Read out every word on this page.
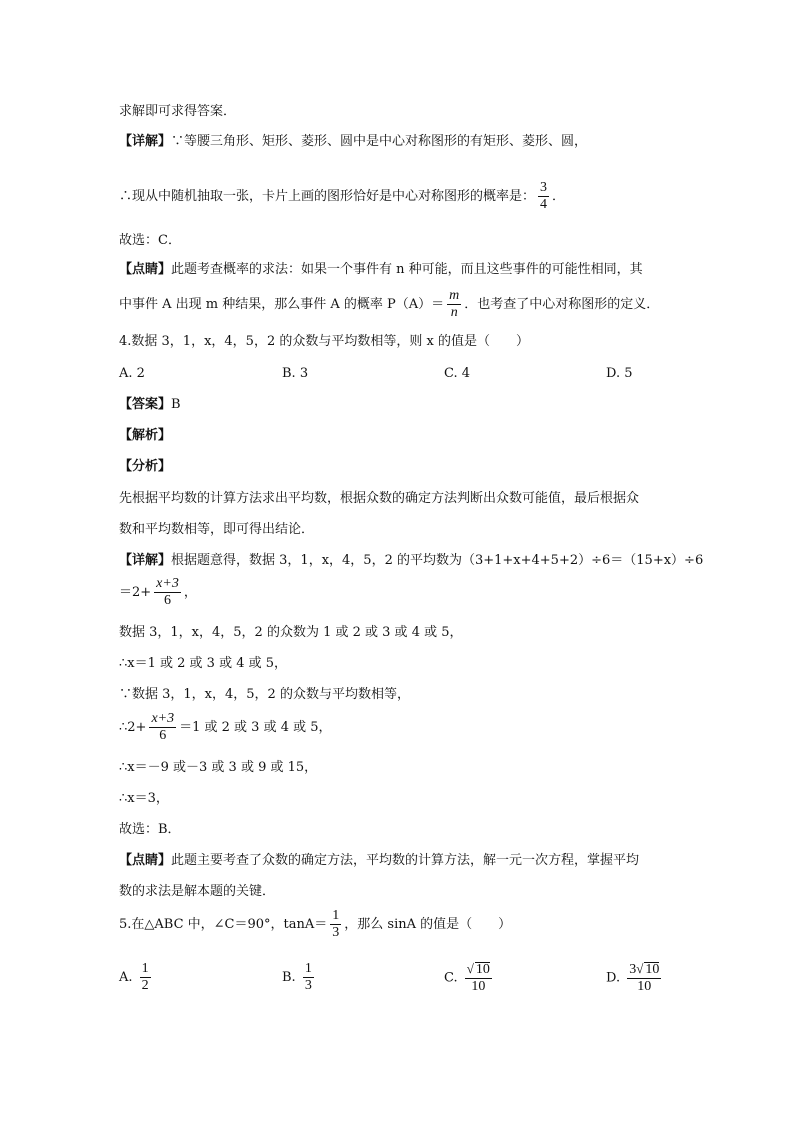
求解即可求得答案．
【详解】∵等腰三角形、矩形、菱形、圆中是中心对称图形的有矩形、菱形、圆，
∴现从中随机抽取一张，卡片上画的图形恰好是中心对称图形的概率是： $\frac{3}{4}$ ．
故选：C．
【点睛】此题考查概率的求法：如果一个事件有 n 种可能，而且这些事件的可能性相同，其
中事件 A 出现 m 种结果，那么事件 A 的概率 $P(A)= \frac{m}{n}$ ．也考查了中心对称图形的定义．
4.数据 3，1，x，4，5，2 的众数与平均数相等，则 x 的值是（　　）
A. 2	B. 3	C. 4	D. 5
【答案】B
【解析】
【分析】
先根据平均数的计算方法求出平均数，根据众数的确定方法判断出众数可能值，最后根据众
数和平均数相等，即可得出结论．
【详解】根据题意得，数据 3，1，x，4，5，2 的平均数为（3+1+x+4+5+2）÷6＝（15+x）÷6
$=2+ \frac{x+3}{6}$ ，
数据 3，1，x，4，5，2 的众数为 1 或 2 或 3 或 4 或 5，
∴x＝1 或 2 或 3 或 4 或 5，
∵数据 3，1，x，4，5，2 的众数与平均数相等，
∴2+ $\frac{x+3}{6} =1$ 或 2 或 3 或 4 或 5，
∴x＝－9 或－3 或 3 或 9 或 15，
∴x＝3，
故选：B．
【点睛】此题主要考查了众数的确定方法，平均数的计算方法，解一元一次方程，掌握平均
数的求法是解本题的关键．
5.在△ABC 中，∠C＝90°，$\tan A= \frac{1}{3}$ ，那么 sinA 的值是（　　）
A. $\frac{1}{2}$	B. $\frac{1}{3}$	C. $\frac{√ 10}{10}$	D. $\frac{3√ 10}{10}$
